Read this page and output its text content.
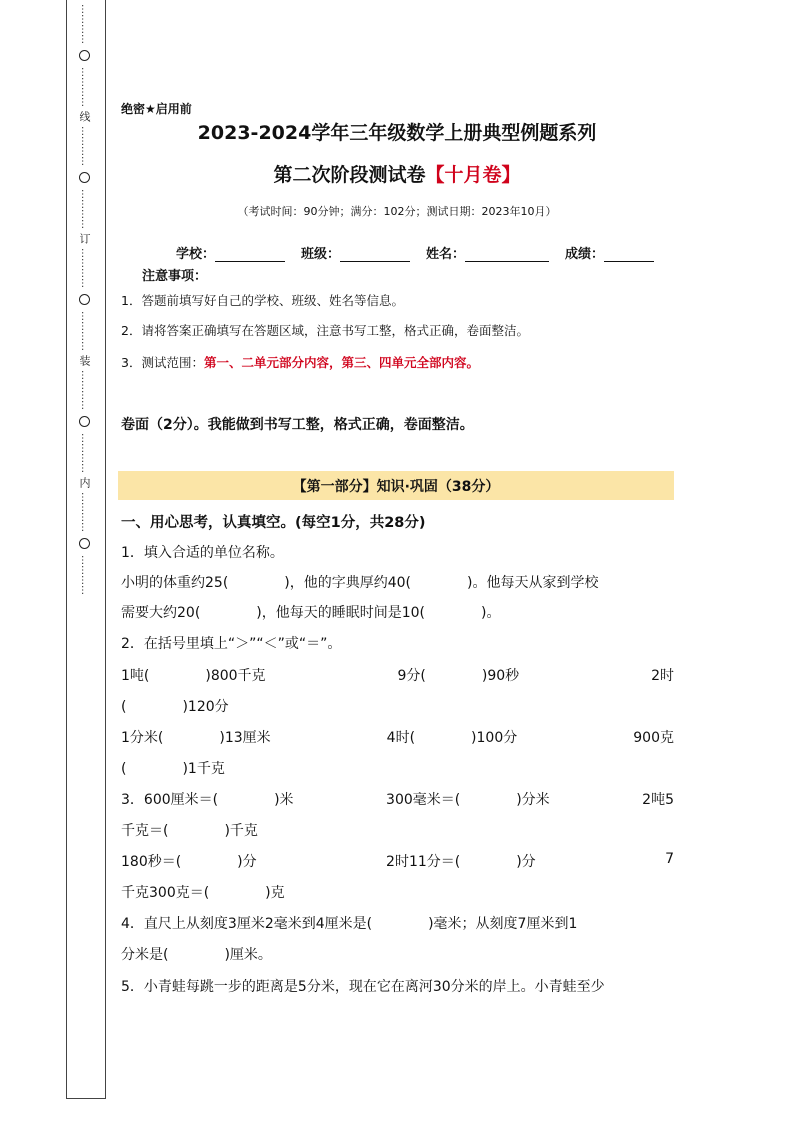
…………
…………
线
…………
…………
订
…………
…………
装
…………
…………
内
…………
…………
绝密★启用前
2023-2024学年三年级数学上册典型例题系列
第二次阶段测试卷【十月卷】
（考试时间：90分钟；满分：102分；测试日期：2023年10月）
学校：	班级：	姓名：	成绩：
注意事项：
1．答题前填写好自己的学校、班级、姓名等信息。
2．请将答案正确填写在答题区域，注意书写工整，格式正确，卷面整洁。
3．测试范围：第一、二单元部分内容，第三、四单元全部内容。
卷面（2分）。我能做到书写工整，格式正确，卷面整洁。
【第一部分】知识·巩固（38分）
一、用心思考，认真填空。(每空1分，共28分)
1．填入合适的单位名称。
小明的体重约25(　　　　)，他的字典厚约40(　　　　)。他每天从家到学校
需要大约20(　　　　)，他每天的睡眠时间是10(　　　　)。
2．在括号里填上“＞”“＜”或“＝”。
1吨(　　　　)800千克	9分(　　　　)90秒	2时
(　　　　)120分
1分米(　　　　)13厘米	4时(　　　　)100分	900克
(　　　　)1千克
3．600厘米＝(　　　　)米	300毫米＝(　　　　)分米	2吨5
千克＝(　　　　)千克
180秒＝(　　　　)分	2时11分＝(　　　　)分	7
千克300克＝(　　　　)克
4．直尺上从刻度3厘米2毫米到4厘米是(　　　　)毫米；从刻度7厘米到1
分米是(　　　　)厘米。
5．小青蛙每跳一步的距离是5分米，现在它在离河30分米的岸上。小青蛙至少
